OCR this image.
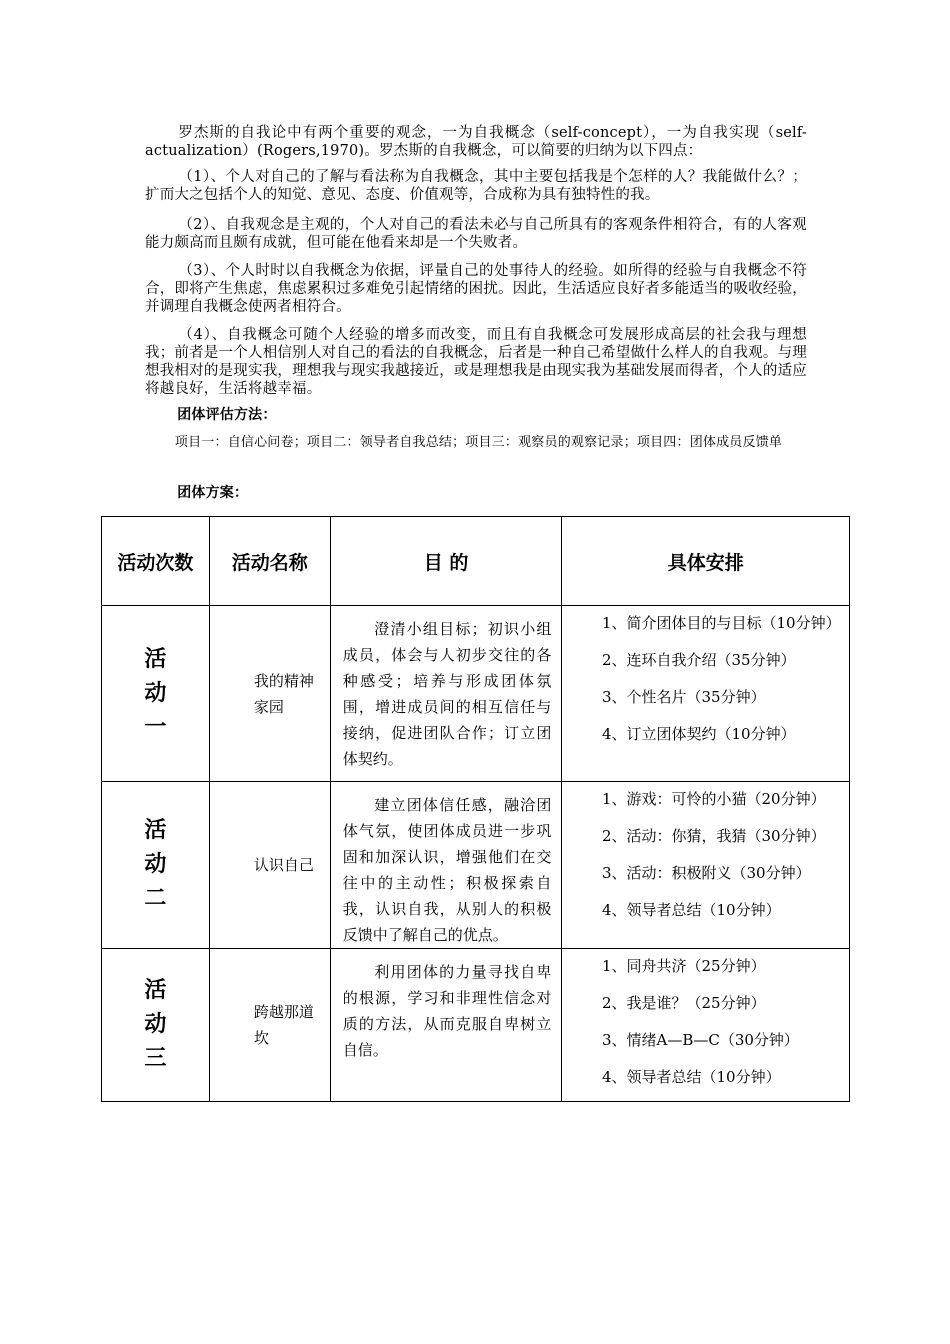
罗杰斯的自我论中有两个重要的观念，一为自我概念（self-concept），一为自我实现（self-actualization）(Rogers,1970)。罗杰斯的自我概念，可以简要的归纳为以下四点：

（1）、个人对自己的了解与看法称为自我概念，其中主要包括我是个怎样的人？我能做什么？；扩而大之包括个人的知觉、意见、态度、价值观等，合成称为具有独特性的我。

（2）、自我观念是主观的，个人对自己的看法未必与自己所具有的客观条件相符合，有的人客观能力颇高而且颇有成就，但可能在他看来却是一个失败者。

（3）、个人时时以自我概念为依据，评量自己的处事待人的经验。如所得的经验与自我概念不符合，即将产生焦虑，焦虑累积过多难免引起情绪的困扰。因此，生活适应良好者多能适当的吸收经验，并调理自我概念使两者相符合。

（4）、自我概念可随个人经验的增多而改变，而且有自我概念可发展形成高层的社会我与理想我；前者是一个人相信别人对自己的看法的自我概念，后者是一种自己希望做什么样人的自我观。与理想我相对的是现实我，理想我与现实我越接近，或是理想我是由现实我为基础发展而得者，个人的适应将越良好，生活将越幸福。

团体评估方法：

项目一：自信心问卷；项目二：领导者自我总结；项目三：观察员的观察记录；项目四：团体成员反馈单

团体方案：
活动次数	活动名称	目 的	具体安排

活动一	我的精神家园	澄清小组目标；初识小组成员，体会与人初步交往的各种感受；培养与形成团体氛围，增进成员间的相互信任与接纳，促进团队合作；订立团体契约。	1、简介团体目的与目标（10分钟）
2、连环自我介绍（35分钟）
3、个性名片（35分钟）
4、订立团体契约（10分钟）

活动二	认识自己	建立团体信任感，融洽团体气氛，使团体成员进一步巩固和加深认识，增强他们在交往中的主动性；积极探索自我，认识自我，从别人的积极反馈中了解自己的优点。	1、游戏：可怜的小猫（20分钟）
2、活动：你猜，我猜（30分钟）
3、活动：积极附义（30分钟）
4、领导者总结（10分钟）

活动三	跨越那道坎	利用团体的力量寻找自卑的根源，学习和非理性信念对质的方法，从而克服自卑树立自信。	1、同舟共济（25分钟）
2、我是谁？（25分钟）
3、情绪A—B—C（30分钟）
4、领导者总结（10分钟）
